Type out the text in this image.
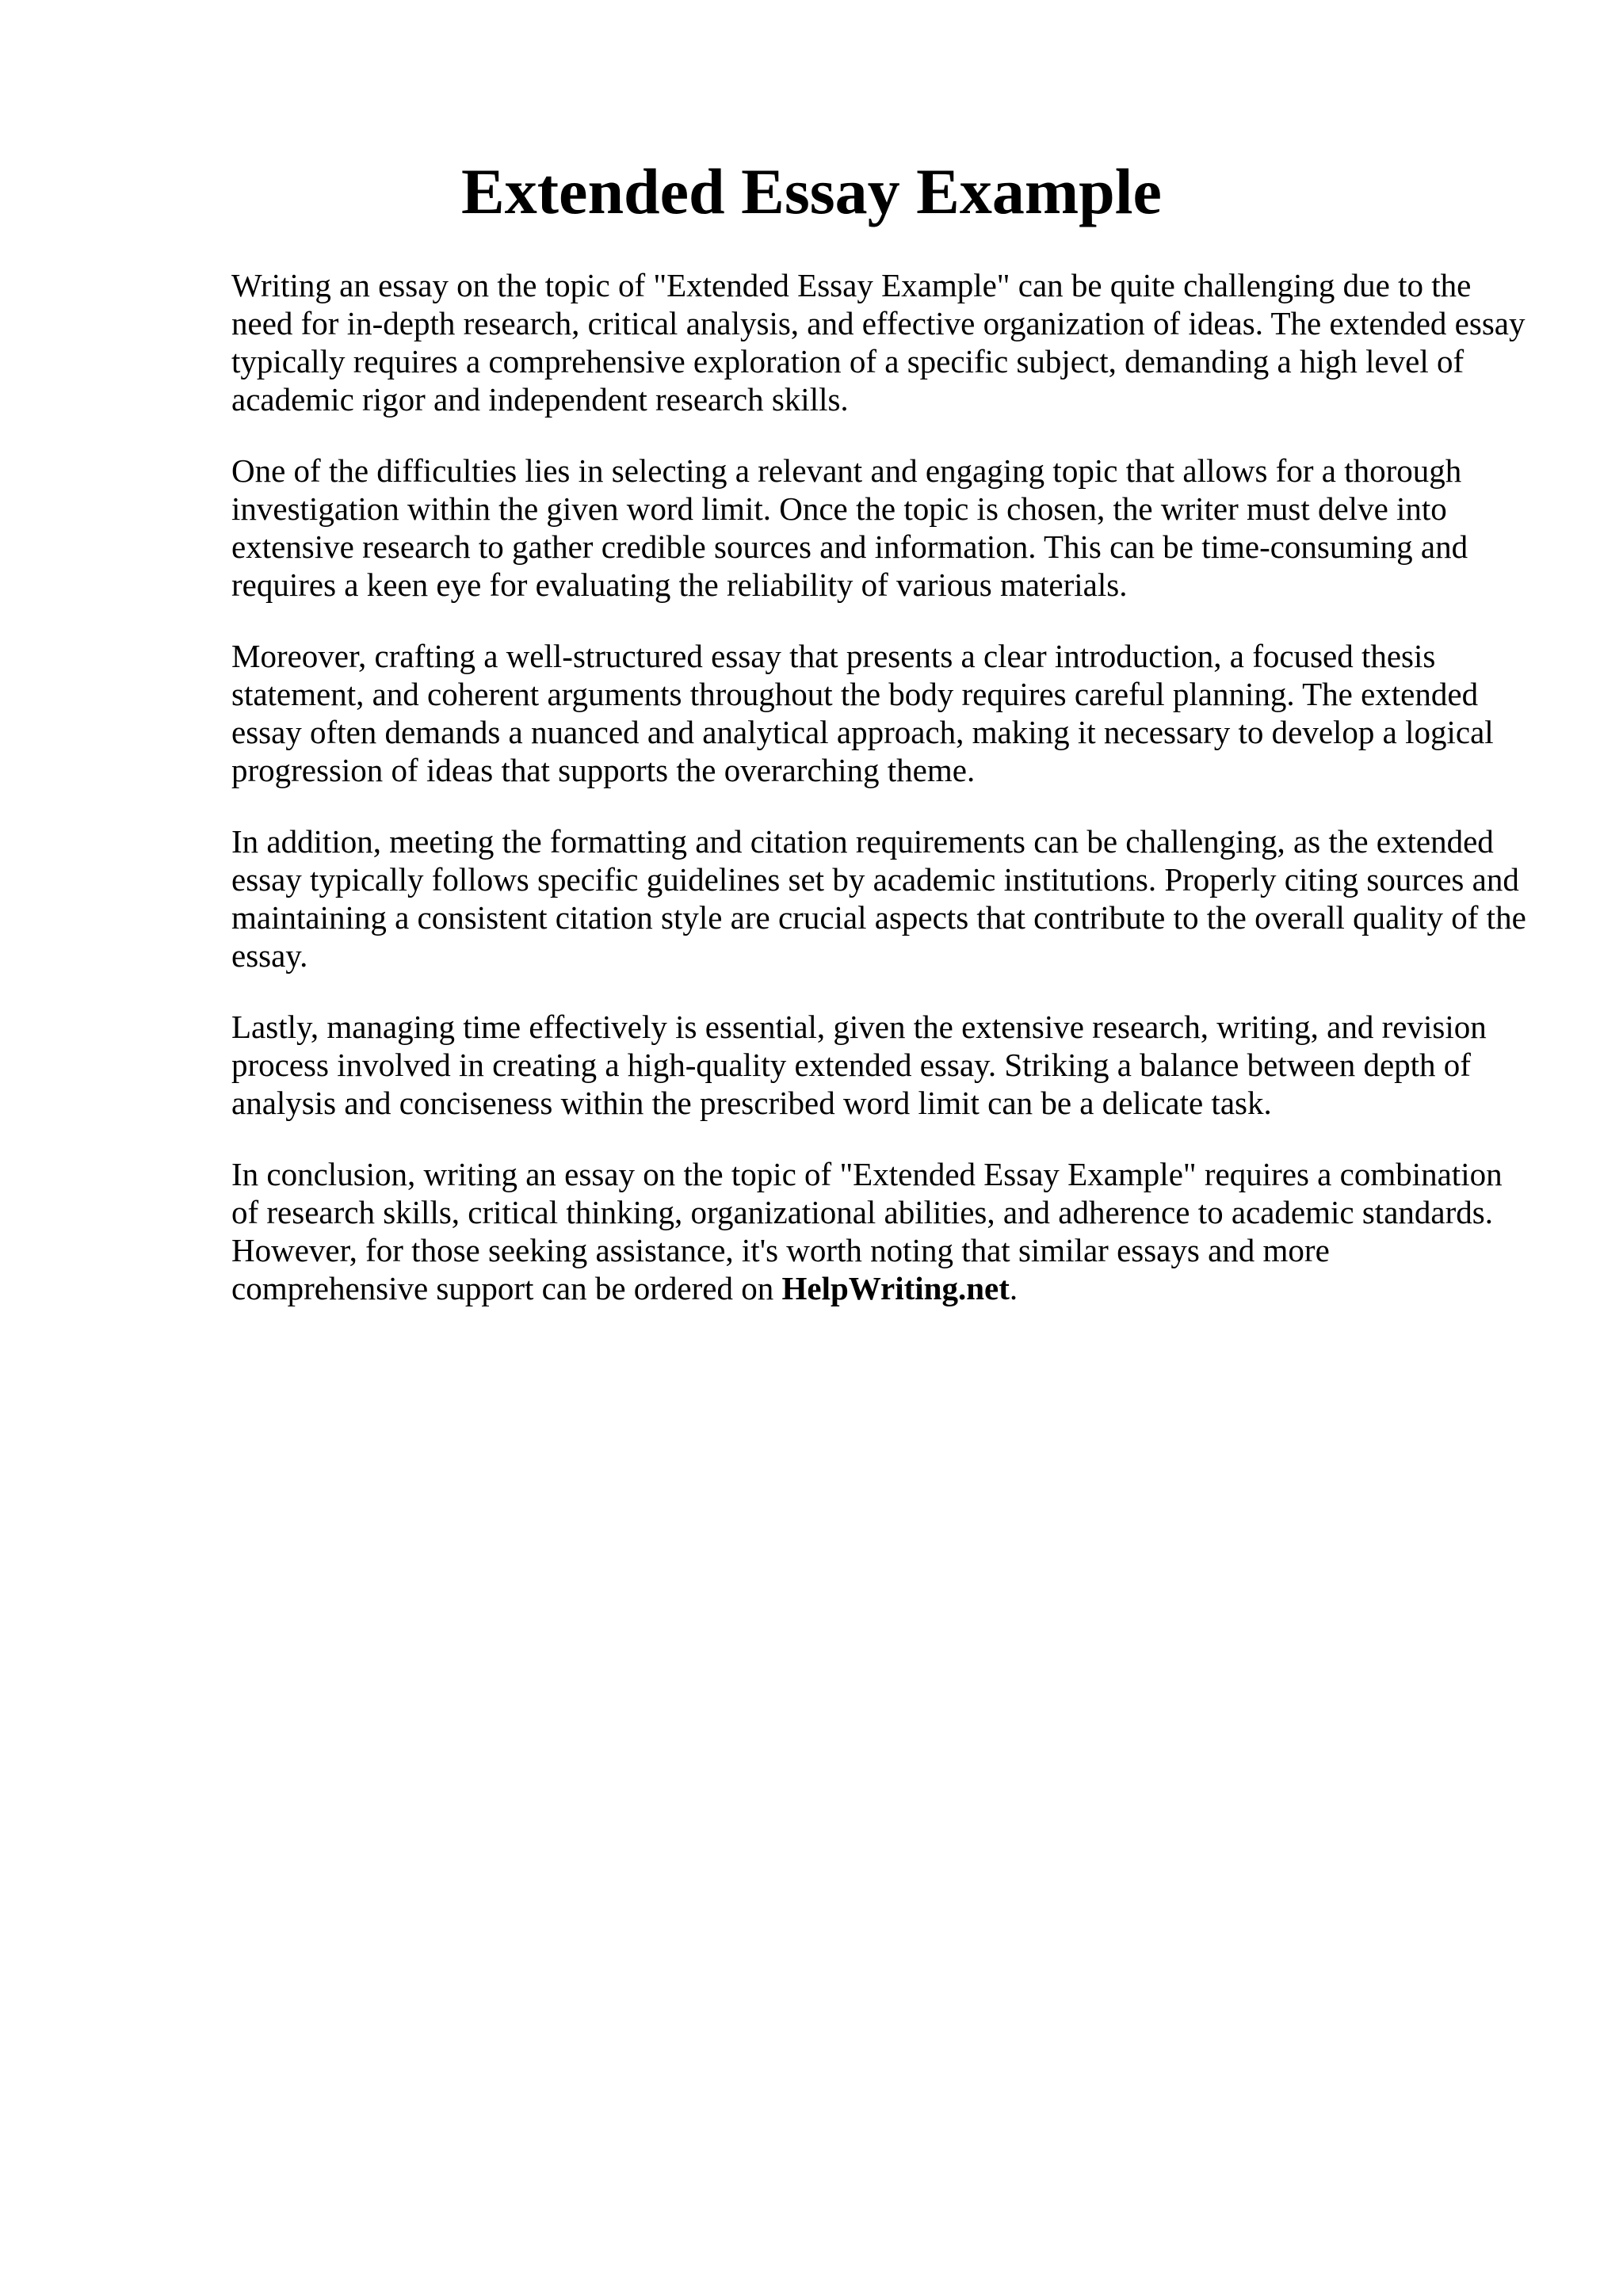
Extended Essay Example

Writing an essay on the topic of "Extended Essay Example" can be quite challenging due to the need for in-depth research, critical analysis, and effective organization of ideas. The extended essay typically requires a comprehensive exploration of a specific subject, demanding a high level of academic rigor and independent research skills.

One of the difficulties lies in selecting a relevant and engaging topic that allows for a thorough investigation within the given word limit. Once the topic is chosen, the writer must delve into extensive research to gather credible sources and information. This can be time-consuming and requires a keen eye for evaluating the reliability of various materials.

Moreover, crafting a well-structured essay that presents a clear introduction, a focused thesis statement, and coherent arguments throughout the body requires careful planning. The extended essay often demands a nuanced and analytical approach, making it necessary to develop a logical progression of ideas that supports the overarching theme.

In addition, meeting the formatting and citation requirements can be challenging, as the extended essay typically follows specific guidelines set by academic institutions. Properly citing sources and maintaining a consistent citation style are crucial aspects that contribute to the overall quality of the essay.

Lastly, managing time effectively is essential, given the extensive research, writing, and revision process involved in creating a high-quality extended essay. Striking a balance between depth of analysis and conciseness within the prescribed word limit can be a delicate task.

In conclusion, writing an essay on the topic of "Extended Essay Example" requires a combination of research skills, critical thinking, organizational abilities, and adherence to academic standards. However, for those seeking assistance, it's worth noting that similar essays and more comprehensive support can be ordered on HelpWriting.net.
